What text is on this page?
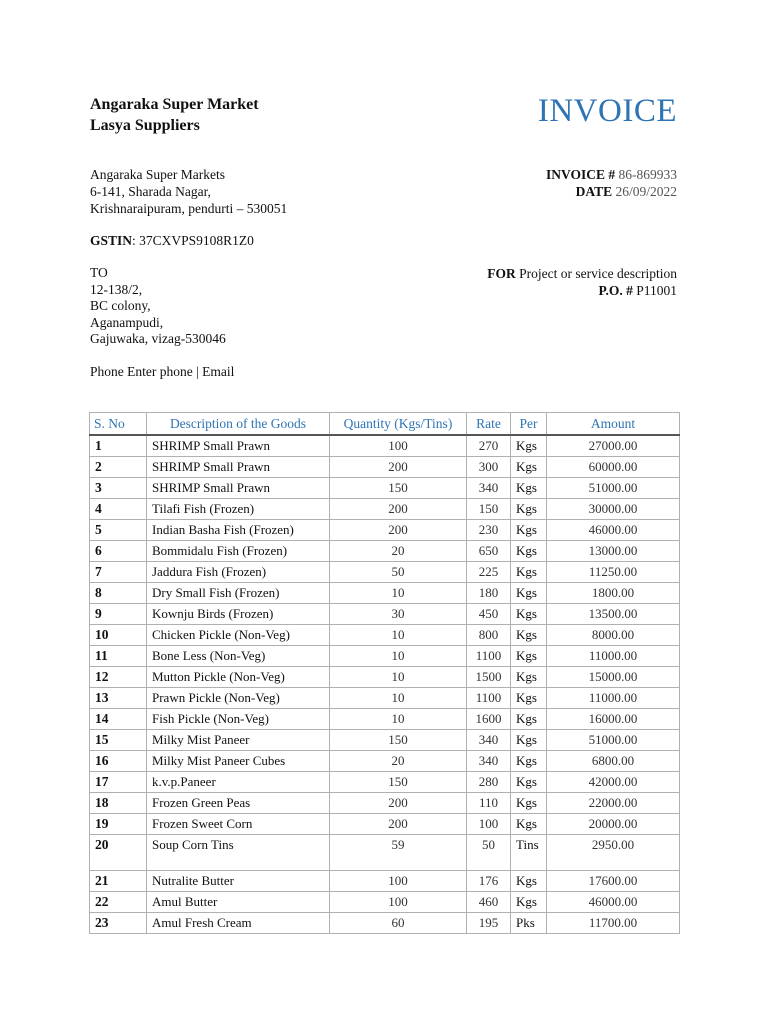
Angaraka Super Market
Lasya Suppliers	INVOICE
Angaraka Super Markets
6-141, Sharada Nagar,
Krishnaraipuram, pendurti – 530051
INVOICE # 86-869933
DATE 26/09/2022
GSTIN: 37CXVPS9108R1Z0
TO
12-138/2,
BC colony,
Aganampudi,
Gajuwaka, vizag-530046
FOR Project or service description
P.O. # P11001
Phone Enter phone | Email
S. No	Description of the Goods	Quantity (Kgs/Tins)	Rate	Per	Amount
1	SHRIMP Small Prawn	100	270	Kgs	27000.00
2	SHRIMP Small Prawn	200	300	Kgs	60000.00
3	SHRIMP Small Prawn	150	340	Kgs	51000.00
4	Tilafi Fish (Frozen)	200	150	Kgs	30000.00
5	Indian Basha Fish (Frozen)	200	230	Kgs	46000.00
6	Bommidalu Fish (Frozen)	20	650	Kgs	13000.00
7	Jaddura Fish (Frozen)	50	225	Kgs	11250.00
8	Dry Small Fish (Frozen)	10	180	Kgs	1800.00
9	Kownju Birds (Frozen)	30	450	Kgs	13500.00
10	Chicken Pickle (Non-Veg)	10	800	Kgs	8000.00
11	Bone Less (Non-Veg)	10	1100	Kgs	11000.00
12	Mutton Pickle (Non-Veg)	10	1500	Kgs	15000.00
13	Prawn Pickle (Non-Veg)	10	1100	Kgs	11000.00
14	Fish Pickle (Non-Veg)	10	1600	Kgs	16000.00
15	Milky Mist Paneer	150	340	Kgs	51000.00
16	Milky Mist Paneer Cubes	20	340	Kgs	6800.00
17	k.v.p.Paneer	150	280	Kgs	42000.00
18	Frozen Green Peas	200	110	Kgs	22000.00
19	Frozen Sweet Corn	200	100	Kgs	20000.00
20	Soup Corn Tins	59	50	Tins	2950.00
21	Nutralite Butter	100	176	Kgs	17600.00
22	Amul Butter	100	460	Kgs	46000.00
23	Amul Fresh Cream	60	195	Pks	11700.00
